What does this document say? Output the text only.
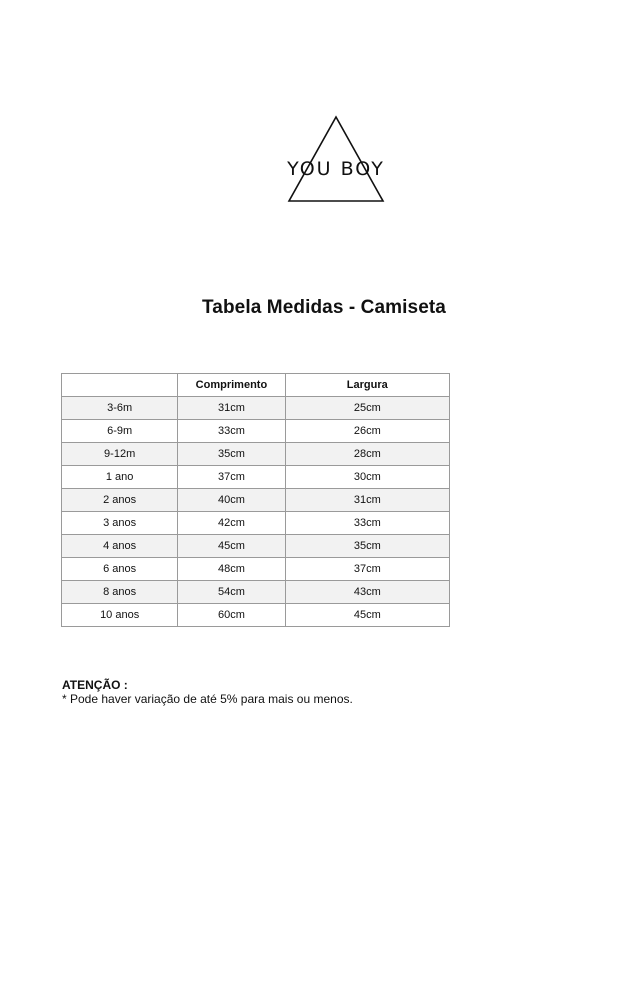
YOU BOY
Tabela Medidas - Camiseta
	Comprimento	Largura
3-6m	31cm	25cm
6-9m	33cm	26cm
9-12m	35cm	28cm
1 ano	37cm	30cm
2 anos	40cm	31cm
3 anos	42cm	33cm
4 anos	45cm	35cm
6 anos	48cm	37cm
8 anos	54cm	43cm
10 anos	60cm	45cm
ATENÇÃO :
* Pode haver variação de até 5% para mais ou menos.
